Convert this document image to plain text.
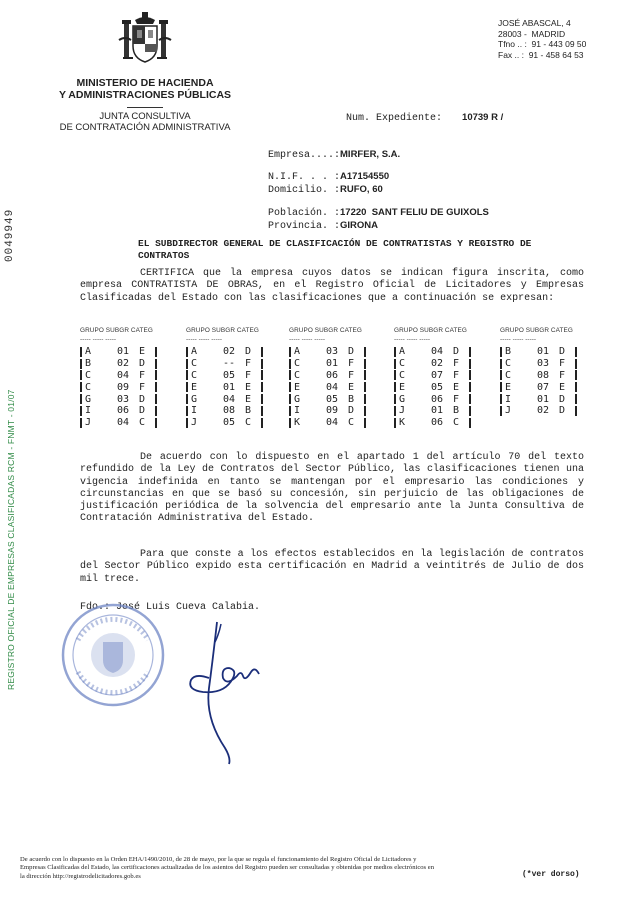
0049949
REGISTRO OFICIAL DE EMPRESAS CLASIFICADAS RCM - FNMT - 01/07
MINISTERIO DE HACIENDA
Y ADMINISTRACIONES PÚBLICAS
JUNTA CONSULTIVA
DE CONTRATACIÓN ADMINISTRATIVA
JOSÉ ABASCAL, 4
28003 -  MADRID
Tfno .. :  91 - 443 09 50
Fax .. :  91 - 458 64 53
Num. Expediente: 10739 R /

Empresa....:MIRFER, S.A.

N.I.F. . . :A17154550

Domicilio. :RUFO, 60

Población. :17220  SANT FELIU DE GUIXOLS

Provincia. :GIRONA

EL SUBDIRECTOR GENERAL DE CLASIFICACIÓN DE CONTRATISTAS Y REGISTRO DE CONTRATOS
CERTIFICA que la empresa cuyos datos se indican figura inscrita, como empresa CONTRATISTA DE OBRAS, en el Registro Oficial de Licitadores y Empresas Clasificadas del Estado con las clasificaciones que a continuación se expresan:
GRUPO SUBGR CATEG
----- ----- -----
A	01 E
B	02 D
C	04 F
C	09 F
G	03 D
I	06 D
J	04 C
GRUPO SUBGR CATEG
----- ----- -----
A	02 D
C	-- F
C	05 F
E	01 E
G	04 E
I	08 B
J	05 C
GRUPO SUBGR CATEG
----- ----- -----
A	03 D
C	01 F
C	06 F
E	04 E
G	05 B
I	09 D
K	04 C
GRUPO SUBGR CATEG
----- ----- -----
A	04 D
C	02 F
C	07 F
E	05 E
G	06 F
J	01 B
K	06 C
GRUPO SUBGR CATEG
----- ----- -----
B	01 D
C	03 F
C	08 F
E	07 E
I	01 D
J	02 D
De acuerdo con lo dispuesto en el apartado 1 del artículo 70 del texto refundido de la Ley de Contratos del Sector Público, las clasificaciones tienen una vigencia indefinida en tanto se mantengan por el empresario las condiciones y circunstancias en que se basó su concesión, sin perjuicio de las obligaciones de justificación periódica de la solvencia del empresario ante la Junta Consultiva de Contratación Administrativa del Estado.
Para que conste a los efectos establecidos en la legislación de contratos del Sector Público expido esta certificación en Madrid a veintitrés de Julio de dos mil trece.
Fdo.: José Luis Cueva Calabia.
De acuerdo con lo dispuesto en la Orden EHA/1490/2010, de 28 de mayo, por la que se regula el funcionamiento del Registro Oficial de Licitadores y Empresas Clasificadas del Estado, las certificaciones actualizadas de los asientos del Registro pueden ser consultadas y obtenidas por medios electrónicos en la dirección http://registrodelicitadores.gob.es	(*ver dorso)
